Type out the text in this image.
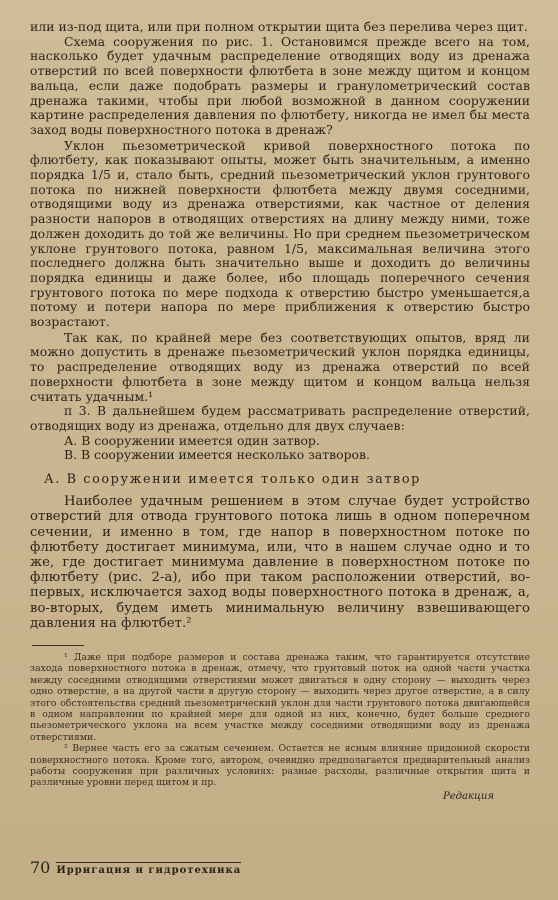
или из-под щита, или при полном открытии щита без перелива через щит.

Схема сооружения по рис. 1. Остановимся прежде всего на том, насколько будет удачным распределение отводящих воду из дренажа отверстий по всей поверхности флютбета в зоне между щитом и концом вальца, если даже подобрать размеры и гранулометрический состав дренажа такими, чтобы при любой возможной в данном сооружении картине распределения давления по флютбету, никогда не имел бы места заход воды поверхностного потока в дренаж?

Уклон пьезометрической кривой поверхностного потока по флютбету, как показывают опыты, может быть значительным, а именно порядка 1/5 и, стало быть, средний пьезометрический уклон грунтового потока по нижней поверхности флютбета между двумя соседними, отводящими воду из дренажа отверстиями, как частное от деления разности напоров в отводящих отверстиях на длину между ними, тоже должен доходить до той же величины. Но при среднем пьезометрическом уклоне грунтового потока, равном 1/5, максимальная величина этого последнего должна быть значительно выше и доходить до величины порядка единицы и даже более, ибо площадь поперечного сечения грунтового потока по мере подхода к отверстию быстро уменьшается,а потому и потери напора по мере приближения к отверстию быстро возрастают.

Так как, по крайней мере без соответствующих опытов, вряд ли можно допустить в дренаже пьезометрический уклон порядка единицы, то распределение отводящих воду из дренажа отверстий по всей поверхности флютбета в зоне между щитом и концом вальца нельзя считать удачным.¹

п 3. В дальнейшем будем рассматривать распределение отверстий, отводящих воду из дренажа, отдельно для двух случаев:

А. В сооружении имеется один затвор.

В. В сооружении имеется несколько затворов.

А. В сооружении имеется только один затвор

Наиболее удачным решением в этом случае будет устройство отверстий для отвода грунтового потока лишь в одном поперечном сечении, и именно в том, где напор в поверхностном потоке по флютбету достигает минимума, или, что в нашем случае одно и то же, где достигает минимума давление в поверхностном потоке по флютбету (рис. 2-а), ибо при таком расположении отверстий, во-первых, исключается заход воды поверхностного потока в дренаж, а, во-вторых, будем иметь минимальную величину взвешивающего давления на флютбет.²

¹ Даже при подборе размеров и состава дренажа таким, что гарантируется отсутствие захода поверхностного потока в дренаж, отмечу, что грунтовый поток на одной части участка между соседними отводящими отверстиями может двигаться в одну сторону — выходить через одно отверстие, а на другой части в другую сторону — выходить через другое отверстие, а в силу этого обстоятельства средний пьезометрический уклон для части грунтового потока двигающейся в одном направлении по крайней мере для одной из них, конечно, будет больше среднего пьезометрического уклона на всем участке между соседними отводящими воду из дренажа отверстиями.

² Вернее часть его за сжатым сечением. Остается не ясным влияние придонной скорости поверхностного потока. Кроме того, автором, очевидно предполагается предварительный анализ работы сооружения при различных условиях: разные расходы, различные открытия щита и различные уровни перед щитом и пр.

Редакция

70 Ирригация и гидротехника
